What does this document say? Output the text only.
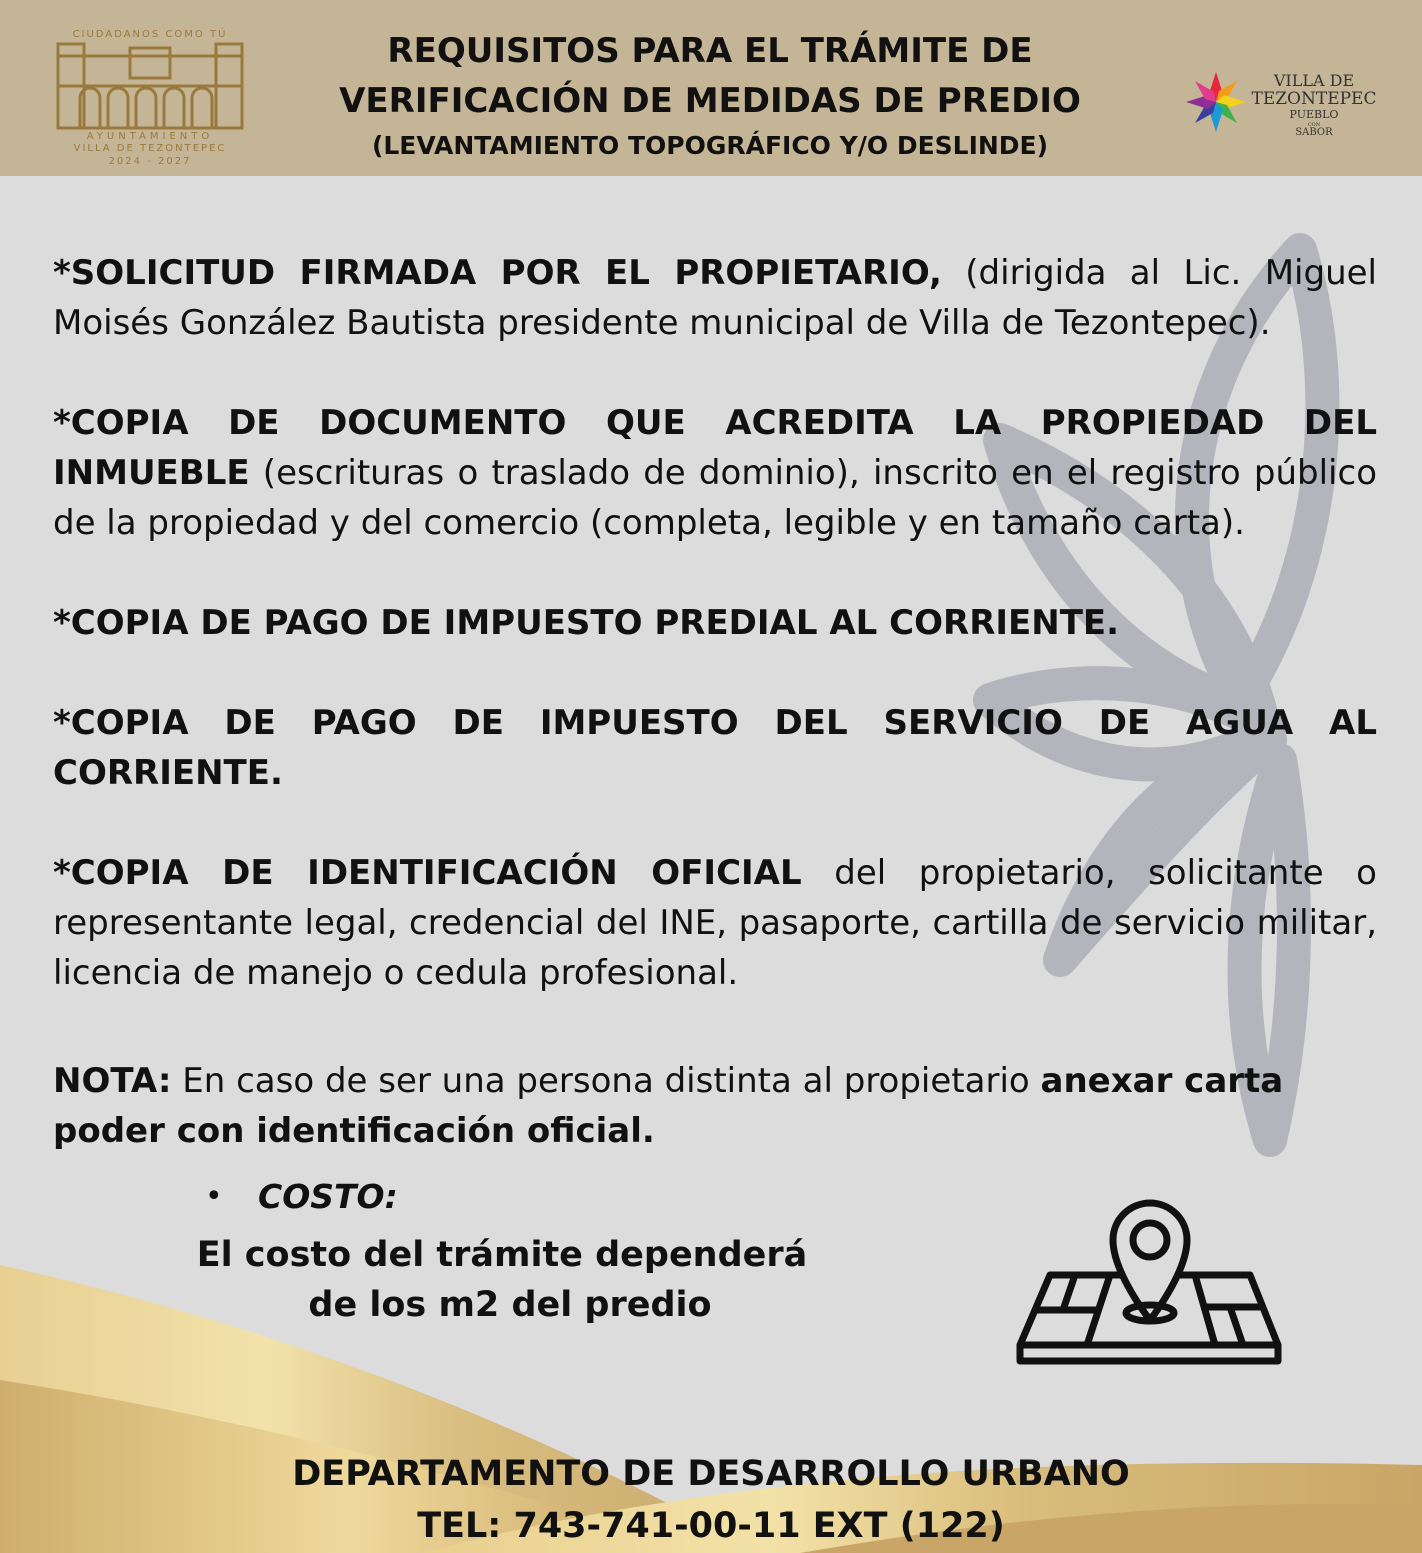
CIUDADANOS COMO TÚ
AYUNTAMIENTO
VILLA DE TEZONTEPEC
2024 - 2027
REQUISITOS PARA EL TRÁMITE DE
VERIFICACIÓN DE MEDIDAS DE PREDIO
(LEVANTAMIENTO TOPOGRÁFICO Y/O DESLINDE)
VILLA DE
TEZONTEPEC
PUEBLO
CON
SABOR

*SOLICITUD FIRMADA POR EL PROPIETARIO, (dirigida al Lic. Miguel Moisés González Bautista presidente municipal de Villa de Tezontepec).

*COPIA DE DOCUMENTO QUE ACREDITA LA PROPIEDAD DEL INMUEBLE (escrituras o traslado de dominio), inscrito en el registro público de la propiedad y del comercio (completa, legible y en tamaño carta).

*COPIA DE PAGO DE IMPUESTO PREDIAL AL CORRIENTE.

*COPIA DE PAGO DE IMPUESTO DEL SERVICIO DE AGUA AL CORRIENTE.

*COPIA DE IDENTIFICACIÓN OFICIAL del propietario, solicitante o representante legal, credencial del INE, pasaporte, cartilla de servicio militar, licencia de manejo o cedula profesional.

NOTA: En caso de ser una persona distinta al propietario anexar carta poder con identificación oficial.

• COSTO:
El costo del trámite dependerá
de los m2 del predio
DEPARTAMENTO DE DESARROLLO URBANO
TEL: 743-741-00-11 EXT (122)
